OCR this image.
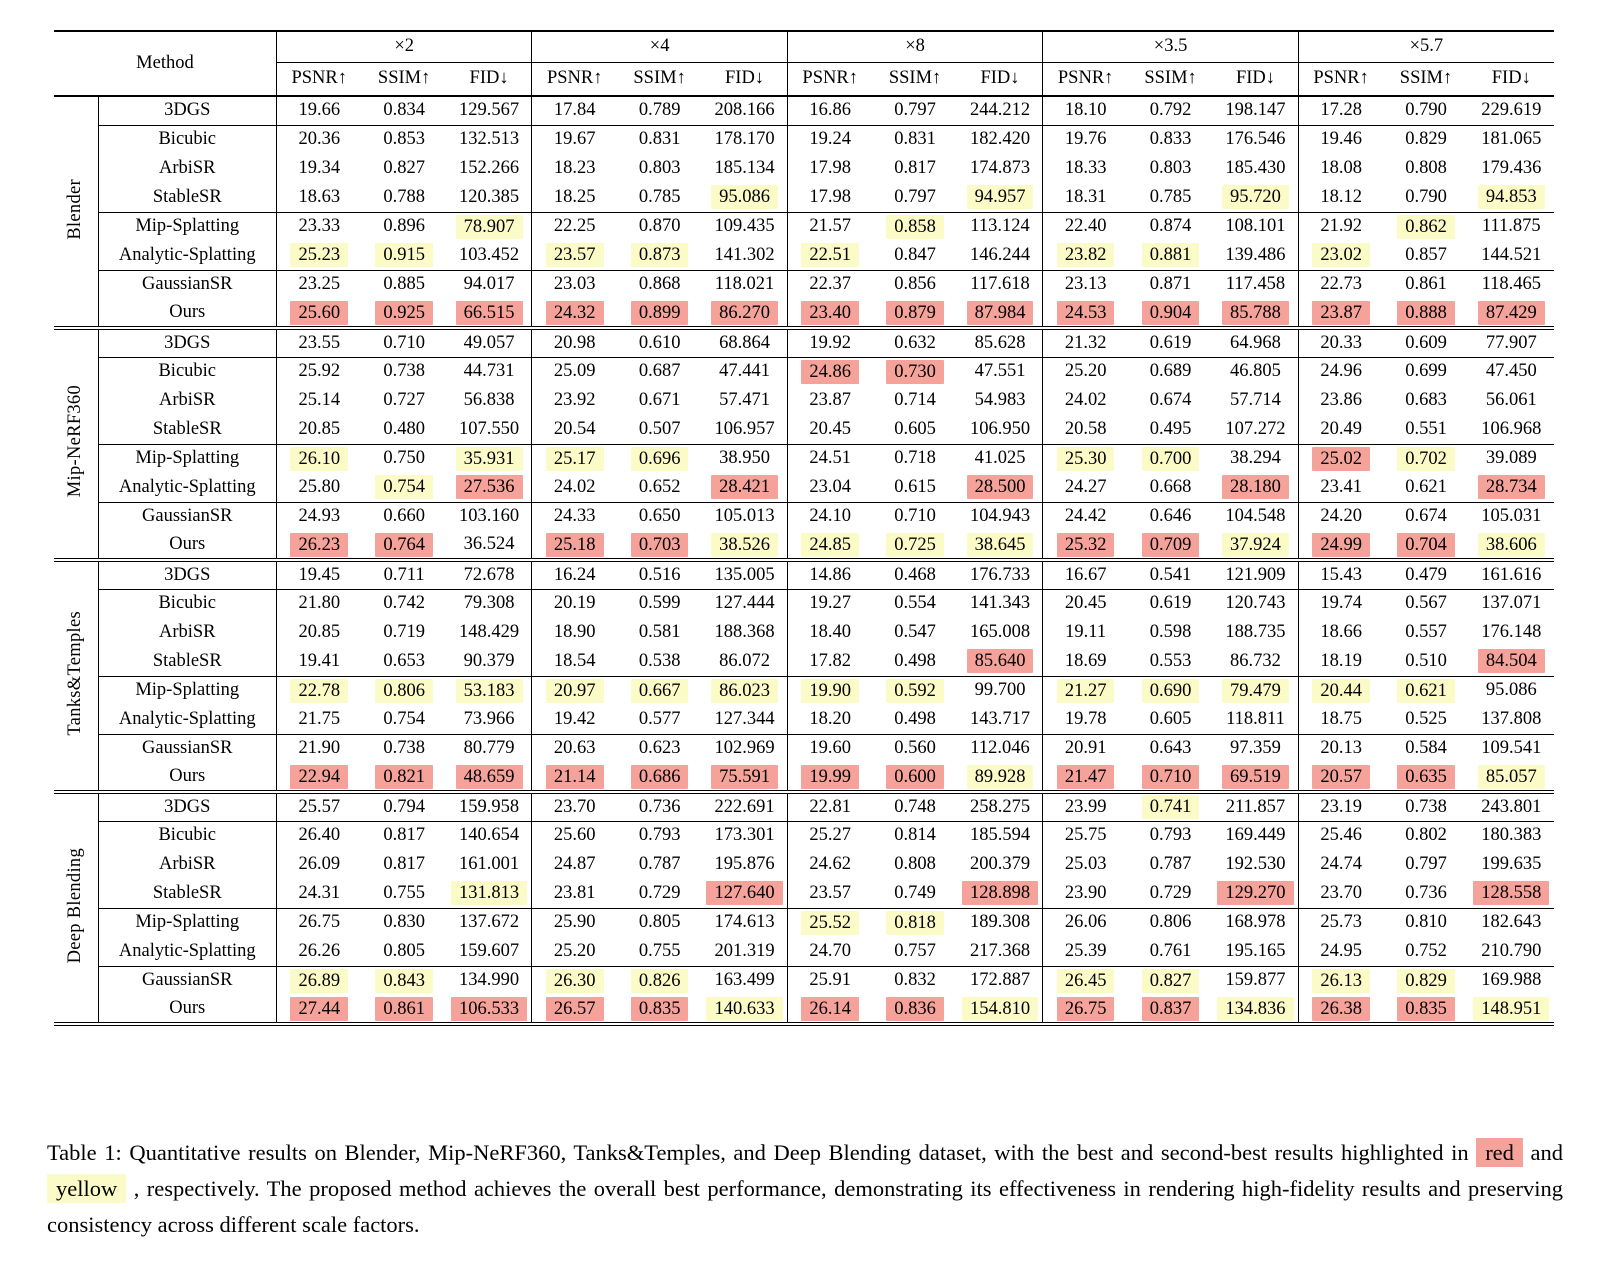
Method		×2			×4			×8			×3.5			×5.7		
		PSNR↑	SSIM↑	FID↓	PSNR↑	SSIM↑	FID↓	PSNR↑	SSIM↑	FID↓	PSNR↑	SSIM↑	FID↓	PSNR↑	SSIM↑	FID↓
Blender	3DGS	19.66	0.834	129.567	17.84	0.789	208.166	16.86	0.797	244.212	18.10	0.792	198.147	17.28	0.790	229.619
	Bicubic	20.36	0.853	132.513	19.67	0.831	178.170	19.24	0.831	182.420	19.76	0.833	176.546	19.46	0.829	181.065
	ArbiSR	19.34	0.827	152.266	18.23	0.803	185.134	17.98	0.817	174.873	18.33	0.803	185.430	18.08	0.808	179.436
	StableSR	18.63	0.788	120.385	18.25	0.785	95.086	17.98	0.797	94.957	18.31	0.785	95.720	18.12	0.790	94.853
	Mip-Splatting	23.33	0.896	78.907	22.25	0.870	109.435	21.57	0.858	113.124	22.40	0.874	108.101	21.92	0.862	111.875
	Analytic-Splatting	25.23	0.915	103.452	23.57	0.873	141.302	22.51	0.847	146.244	23.82	0.881	139.486	23.02	0.857	144.521
	GaussianSR	23.25	0.885	94.017	23.03	0.868	118.021	22.37	0.856	117.618	23.13	0.871	117.458	22.73	0.861	118.465
	Ours	25.60	0.925	66.515	24.32	0.899	86.270	23.40	0.879	87.984	24.53	0.904	85.788	23.87	0.888	87.429
Mip-NeRF360	3DGS	23.55	0.710	49.057	20.98	0.610	68.864	19.92	0.632	85.628	21.32	0.619	64.968	20.33	0.609	77.907
	Bicubic	25.92	0.738	44.731	25.09	0.687	47.441	24.86	0.730	47.551	25.20	0.689	46.805	24.96	0.699	47.450
	ArbiSR	25.14	0.727	56.838	23.92	0.671	57.471	23.87	0.714	54.983	24.02	0.674	57.714	23.86	0.683	56.061
	StableSR	20.85	0.480	107.550	20.54	0.507	106.957	20.45	0.605	106.950	20.58	0.495	107.272	20.49	0.551	106.968
	Mip-Splatting	26.10	0.750	35.931	25.17	0.696	38.950	24.51	0.718	41.025	25.30	0.700	38.294	25.02	0.702	39.089
	Analytic-Splatting	25.80	0.754	27.536	24.02	0.652	28.421	23.04	0.615	28.500	24.27	0.668	28.180	23.41	0.621	28.734
	GaussianSR	24.93	0.660	103.160	24.33	0.650	105.013	24.10	0.710	104.943	24.42	0.646	104.548	24.20	0.674	105.031
	Ours	26.23	0.764	36.524	25.18	0.703	38.526	24.85	0.725	38.645	25.32	0.709	37.924	24.99	0.704	38.606
Tanks&Temples	3DGS	19.45	0.711	72.678	16.24	0.516	135.005	14.86	0.468	176.733	16.67	0.541	121.909	15.43	0.479	161.616
	Bicubic	21.80	0.742	79.308	20.19	0.599	127.444	19.27	0.554	141.343	20.45	0.619	120.743	19.74	0.567	137.071
	ArbiSR	20.85	0.719	148.429	18.90	0.581	188.368	18.40	0.547	165.008	19.11	0.598	188.735	18.66	0.557	176.148
	StableSR	19.41	0.653	90.379	18.54	0.538	86.072	17.82	0.498	85.640	18.69	0.553	86.732	18.19	0.510	84.504
	Mip-Splatting	22.78	0.806	53.183	20.97	0.667	86.023	19.90	0.592	99.700	21.27	0.690	79.479	20.44	0.621	95.086
	Analytic-Splatting	21.75	0.754	73.966	19.42	0.577	127.344	18.20	0.498	143.717	19.78	0.605	118.811	18.75	0.525	137.808
	GaussianSR	21.90	0.738	80.779	20.63	0.623	102.969	19.60	0.560	112.046	20.91	0.643	97.359	20.13	0.584	109.541
	Ours	22.94	0.821	48.659	21.14	0.686	75.591	19.99	0.600	89.928	21.47	0.710	69.519	20.57	0.635	85.057
Deep Blending	3DGS	25.57	0.794	159.958	23.70	0.736	222.691	22.81	0.748	258.275	23.99	0.741	211.857	23.19	0.738	243.801
	Bicubic	26.40	0.817	140.654	25.60	0.793	173.301	25.27	0.814	185.594	25.75	0.793	169.449	25.46	0.802	180.383
	ArbiSR	26.09	0.817	161.001	24.87	0.787	195.876	24.62	0.808	200.379	25.03	0.787	192.530	24.74	0.797	199.635
	StableSR	24.31	0.755	131.813	23.81	0.729	127.640	23.57	0.749	128.898	23.90	0.729	129.270	23.70	0.736	128.558
	Mip-Splatting	26.75	0.830	137.672	25.90	0.805	174.613	25.52	0.818	189.308	26.06	0.806	168.978	25.73	0.810	182.643
	Analytic-Splatting	26.26	0.805	159.607	25.20	0.755	201.319	24.70	0.757	217.368	25.39	0.761	195.165	24.95	0.752	210.790
	GaussianSR	26.89	0.843	134.990	26.30	0.826	163.499	25.91	0.832	172.887	26.45	0.827	159.877	26.13	0.829	169.988
	Ours	27.44	0.861	106.533	26.57	0.835	140.633	26.14	0.836	154.810	26.75	0.837	134.836	26.38	0.835	148.951

Table 1: Quantitative results on Blender, Mip-NeRF360, Tanks&Temples, and Deep Blending dataset, with the best and second-best results highlighted in red and yellow , respectively. The proposed method achieves the overall best performance, demonstrating its effectiveness in rendering high-fidelity results and preserving consistency across different scale factors.
